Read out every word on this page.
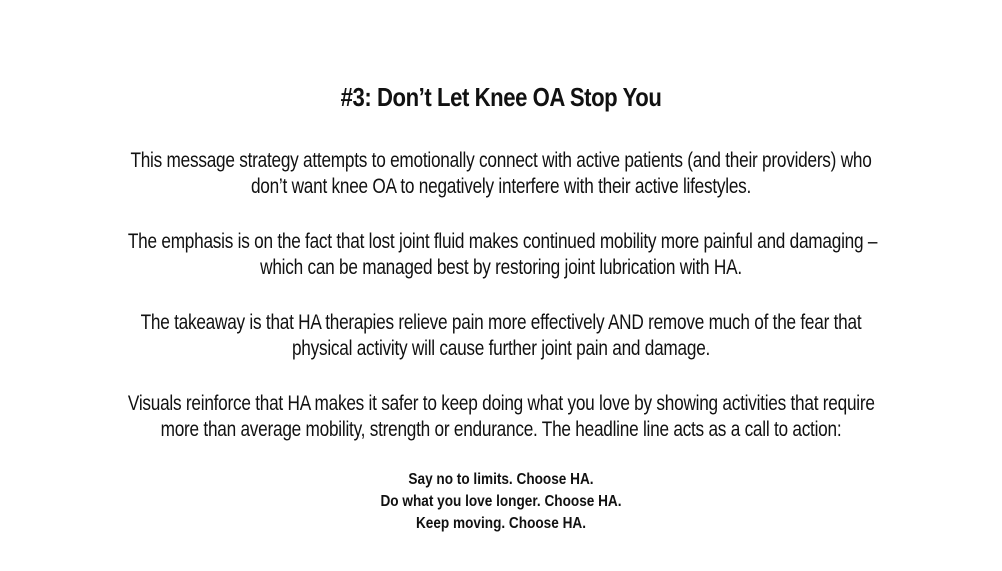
#3: Don’t Let Knee OA Stop You
This message strategy attempts to emotionally connect with active patients (and their providers) who
don’t want knee OA to negatively interfere with their active lifestyles.
The emphasis is on the fact that lost joint fluid makes continued mobility more painful and damaging –
which can be managed best by restoring joint lubrication with HA.
The takeaway is that HA therapies relieve pain more effectively AND remove much of the fear that
physical activity will cause further joint pain and damage.
Visuals reinforce that HA makes it safer to keep doing what you love by showing activities that require
more than average mobility, strength or endurance. The headline line acts as a call to action:
Say no to limits. Choose HA.
Do what you love longer. Choose HA.
Keep moving. Choose HA.
